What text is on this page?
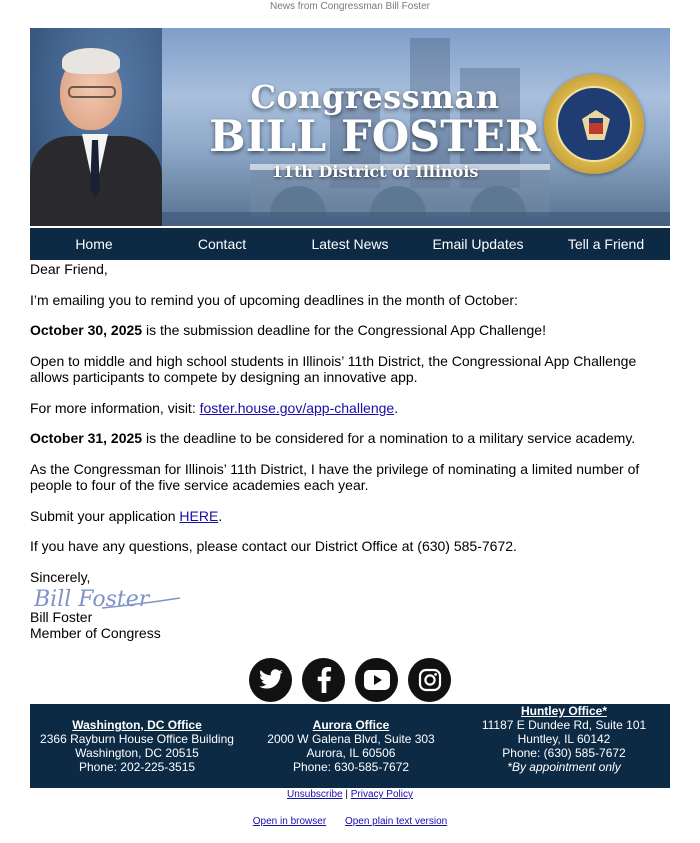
News from Congressman Bill Foster
Congressman
BILL FOSTER
11th District of Illinois
Home	Contact	Latest News	Email Updates	Tell a Friend

Dear Friend,

I’m emailing you to remind you of upcoming deadlines in the month of October:

October 30, 2025 is the submission deadline for the Congressional App Challenge!

Open to middle and high school students in Illinois’ 11th District, the Congressional App Challenge allows participants to compete by designing an innovative app.

For more information, visit: foster.house.gov/app-challenge.

October 31, 2025 is the deadline to be considered for a nomination to a military service academy.

As the Congressman for Illinois’ 11th District, I have the privilege of nominating a limited number of people to four of the five service academies each year.

Submit your application HERE.

If you have any questions, please contact our District Office at (630) 585-7672.

Sincerely,

Bill Foster

Member of Congress

Bill Foster
Washington, DC Office
2366 Rayburn House Office Building
Washington, DC 20515
Phone: 202-225-3515
Aurora Office
2000 W Galena Blvd, Suite 303
Aurora, IL 60506
Phone: 630-585-7672
Huntley Office*
11187 E Dundee Rd, Suite 101
Huntley, IL 60142
Phone: (630) 585-7672
*By appointment only
Unsubscribe | Privacy Policy
Open in browser Open plain text version
